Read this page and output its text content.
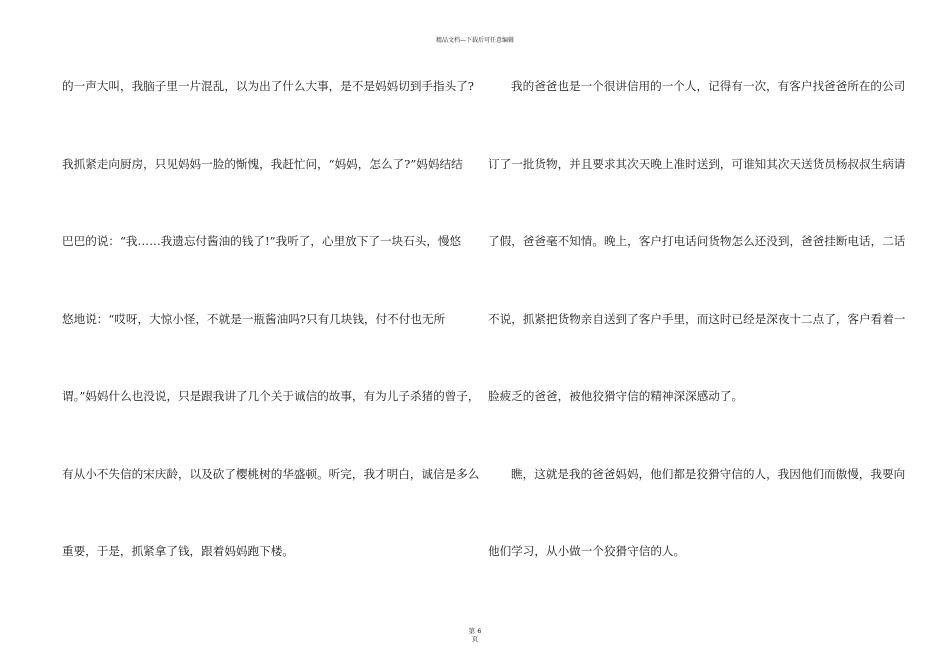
精品文档—下载后可任意编辑
的一声大叫，我脑子里一片混乱，以为出了什么大事，是不是妈妈切到手指头了?
我抓紧走向厨房，只见妈妈一脸的惭愧，我赶忙问，“妈妈，怎么了?”妈妈结结
巴巴的说：“我……我遗忘付酱油的钱了!”我听了，心里放下了一块石头，慢悠
悠地说：“哎呀，大惊小怪，不就是一瓶酱油吗?只有几块钱，付不付也无所
谓。”妈妈什么也没说，只是跟我讲了几个关于诚信的故事，有为儿子杀猪的曾子，
有从小不失信的宋庆龄，以及砍了樱桃树的华盛顿。听完，我才明白，诚信是多么
重要，于是，抓紧拿了钱，跟着妈妈跑下楼。
我的爸爸也是一个很讲信用的一个人，记得有一次，有客户找爸爸所在的公司
订了一批货物，并且要求其次天晚上准时送到，可谁知其次天送货员杨叔叔生病请
了假，爸爸毫不知情。晚上，客户打电话问货物怎么还没到，爸爸挂断电话，二话
不说，抓紧把货物亲自送到了客户手里，而这时已经是深夜十二点了，客户看着一
脸疲乏的爸爸，被他狡猾守信的精神深深感动了。
瞧，这就是我的爸爸妈妈，他们都是狡猾守信的人，我因他们而傲慢，我要向
他们学习，从小做一个狡猾守信的人。
第 6
页
